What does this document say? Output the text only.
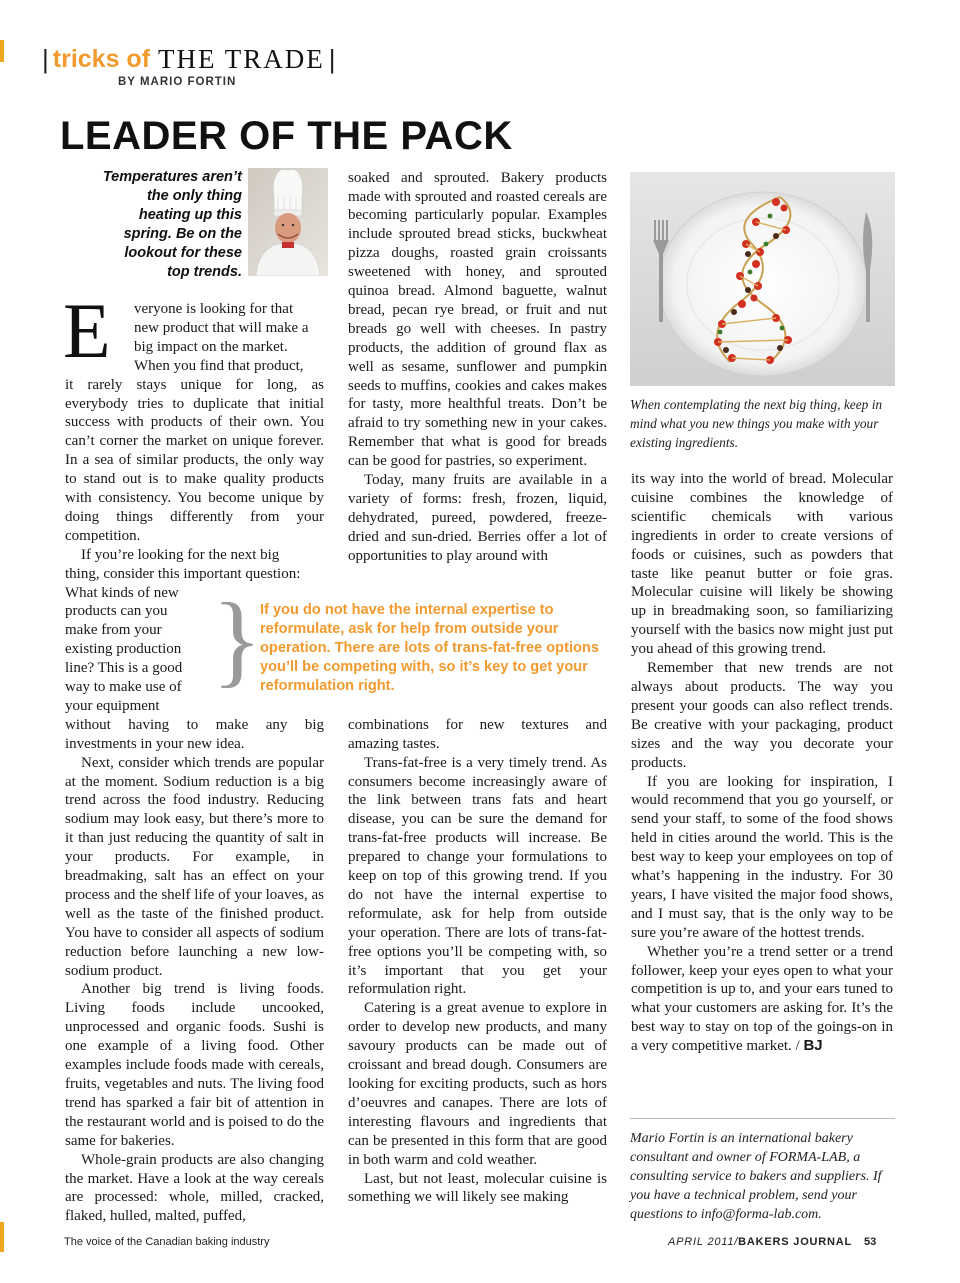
| tricks of THE TRADE |
BY MARIO FORTIN
LEADER OF THE PACK
Temperatures aren’t
the only thing
heating up this
spring. Be on the
lookout for these
top trends.
E veryone is looking for that
new product that will make a
big impact on the market.
When you find that product,

it rarely stays unique for long, as everybody tries to duplicate that initial success with products of their own. You can’t corner the market on unique forever. In a sea of similar products, the only way to stand out is to make quality products with consistency. You become unique by doing things differently from your competition.

If you’re looking for the next big
thing, consider this important question:
What kinds of new
products can you
make from your
existing production
line? This is a good
way to make use of
your equipment

without having to make any big investments in your new idea.

Next, consider which trends are popular at the moment. Sodium reduction is a big trend across the food industry. Reducing sodium may look easy, but there’s more to it than just reducing the quantity of salt in your products. For example, in breadmaking, salt has an effect on your process and the shelf life of your loaves, as well as the taste of the finished product. You have to consider all aspects of sodium reduction before launching a new low-sodium product.

Another big trend is living foods. Living foods include uncooked, unprocessed and organic foods. Sushi is one example of a living food. Other examples include foods made with cereals, fruits, vegetables and nuts. The living food trend has sparked a fair bit of attention in the restaurant world and is poised to do the same for bakeries.

Whole-grain products are also changing the market. Have a look at the way cereals are processed: whole, milled, cracked, flaked, hulled, malted, puffed,

}
If you do not have the internal expertise to reformulate, ask for help from outside your operation. There are lots of trans-fat-free options you’ll be competing with, so it’s key to get your reformulation right.

soaked and sprouted. Bakery products made with sprouted and roasted cereals are becoming particularly popular. Examples include sprouted bread sticks, buckwheat pizza doughs, roasted grain croissants sweetened with honey, and sprouted quinoa bread. Almond baguette, walnut bread, pecan rye bread, or fruit and nut breads go well with cheeses. In pastry products, the addition of ground flax as well as sesame, sunflower and pumpkin seeds to muffins, cookies and cakes makes for tasty, more healthful treats. Don’t be afraid to try something new in your cakes. Remember that what is good for breads can be good for pastries, so experiment.

Today, many fruits are available in a variety of forms: fresh, frozen, liquid, dehydrated, pureed, powdered, freeze-dried and sun-dried. Berries offer a lot of opportunities to play around with

combinations for new textures and amazing tastes.

Trans-fat-free is a very timely trend. As consumers become increasingly aware of the link between trans fats and heart disease, you can be sure the demand for trans-fat-free products will increase. Be prepared to change your formulations to keep on top of this growing trend. If you do not have the internal expertise to reformulate, ask for help from outside your operation. There are lots of trans-fat-free options you’ll be competing with, so it’s important that you get your reformulation right.

Catering is a great avenue to explore in order to develop new products, and many savoury products can be made out of croissant and bread dough. Consumers are looking for exciting products, such as hors d’oeuvres and canapes. There are lots of interesting flavours and ingredients that can be presented in this form that are good in both warm and cold weather.

Last, but not least, molecular cuisine is something we will likely see making

When contemplating the next big thing, keep in mind what you new things you make with your existing ingredients.

its way into the world of bread. Molecular cuisine combines the knowledge of scientific chemicals with various ingredients in order to create versions of foods or cuisines, such as powders that taste like peanut butter or foie gras. Molecular cuisine will likely be showing up in breadmaking soon, so familiarizing yourself with the basics now might just put you ahead of this growing trend.

Remember that new trends are not always about products. The way you present your goods can also reflect trends. Be creative with your packaging, product sizes and the way you decorate your products.

If you are looking for inspiration, I would recommend that you go yourself, or send your staff, to some of the food shows held in cities around the world. This is the best way to keep your employees on top of what’s happening in the industry. For 30 years, I have visited the major food shows, and I must say, that is the only way to be sure you’re aware of the hottest trends.

Whether you’re a trend setter or a trend follower, keep your eyes open to what your competition is up to, and your ears tuned to what your customers are asking for. It’s the best way to stay on top of the goings-on in a very competitive market. / BJ

Mario Fortin is an international bakery consultant and owner of FORMA-LAB, a consulting service to bakers and suppliers. If you have a technical problem, send your questions to info@forma-lab.com.
The voice of the Canadian baking industry	APRIL 2011/BAKERS JOURNAL 53
